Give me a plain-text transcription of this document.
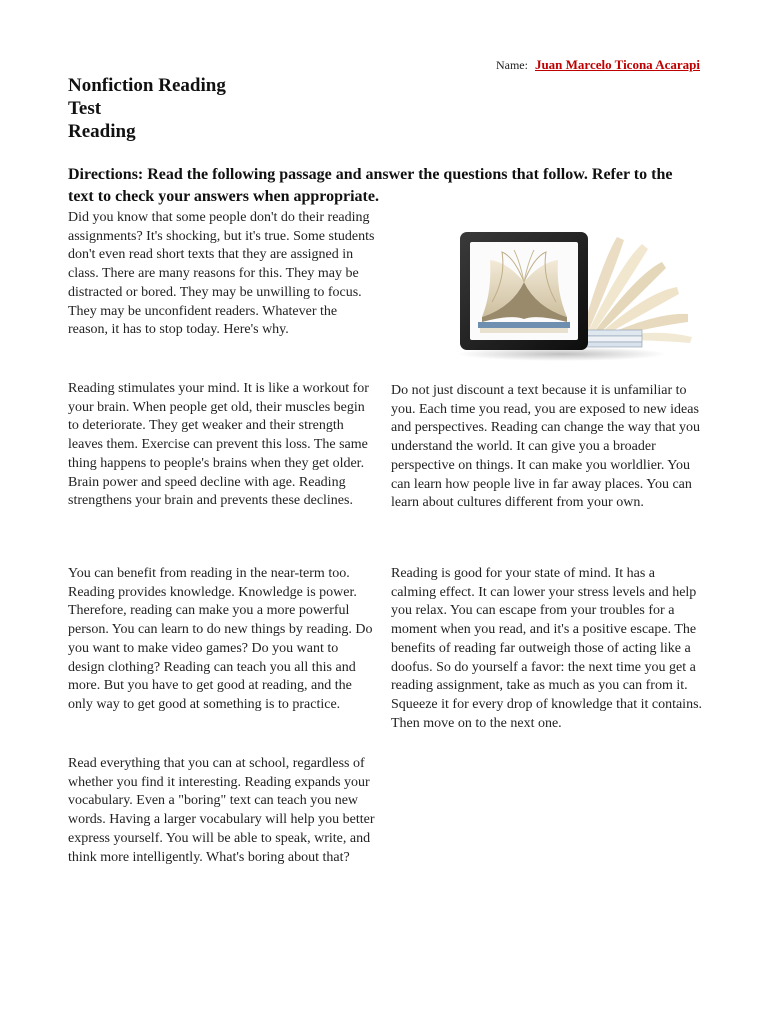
Name: Juan Marcelo Ticona Acarapi
Nonfiction Reading
Test
Reading
Directions: Read the following passage and answer the questions that follow. Refer to the text to check your answers when appropriate.

Did you know that some people don't do their reading assignments? It's shocking, but it's true. Some students don't even read short texts that they are assigned in class. There are many reasons for this. They may be distracted or bored. They may be unwilling to focus. They may be unconfident readers. Whatever the reason, it has to stop today. Here's why.

Reading stimulates your mind. It is like a workout for your brain. When people get old, their muscles begin to deteriorate. They get weaker and their strength leaves them. Exercise can prevent this loss. The same thing happens to people's brains when they get older. Brain power and speed decline with age. Reading strengthens your brain and prevents these declines.

You can benefit from reading in the near-term too. Reading provides knowledge. Knowledge is power. Therefore, reading can make you a more powerful person. You can learn to do new things by reading. Do you want to make video games? Do you want to design clothing? Reading can teach you all this and more. But you have to get good at reading, and the only way to get good at something is to practice.

Read everything that you can at school, regardless of whether you find it interesting. Reading expands your vocabulary. Even a "boring" text can teach you new words. Having a larger vocabulary will help you better express yourself. You will be able to speak, write, and think more intelligently. What's boring about that?

Do not just discount a text because it is unfamiliar to you. Each time you read, you are exposed to new ideas and perspectives. Reading can change the way that you understand the world. It can give you a broader perspective on things. It can make you worldlier. You can learn how people live in far away places. You can learn about cultures different from your own.

Reading is good for your state of mind. It has a calming effect. It can lower your stress levels and help you relax. You can escape from your troubles for a moment when you read, and it's a positive escape. The benefits of reading far outweigh those of acting like a doofus. So do yourself a favor: the next time you get a reading assignment, take as much as you can from it. Squeeze it for every drop of knowledge that it contains. Then move on to the next one.
